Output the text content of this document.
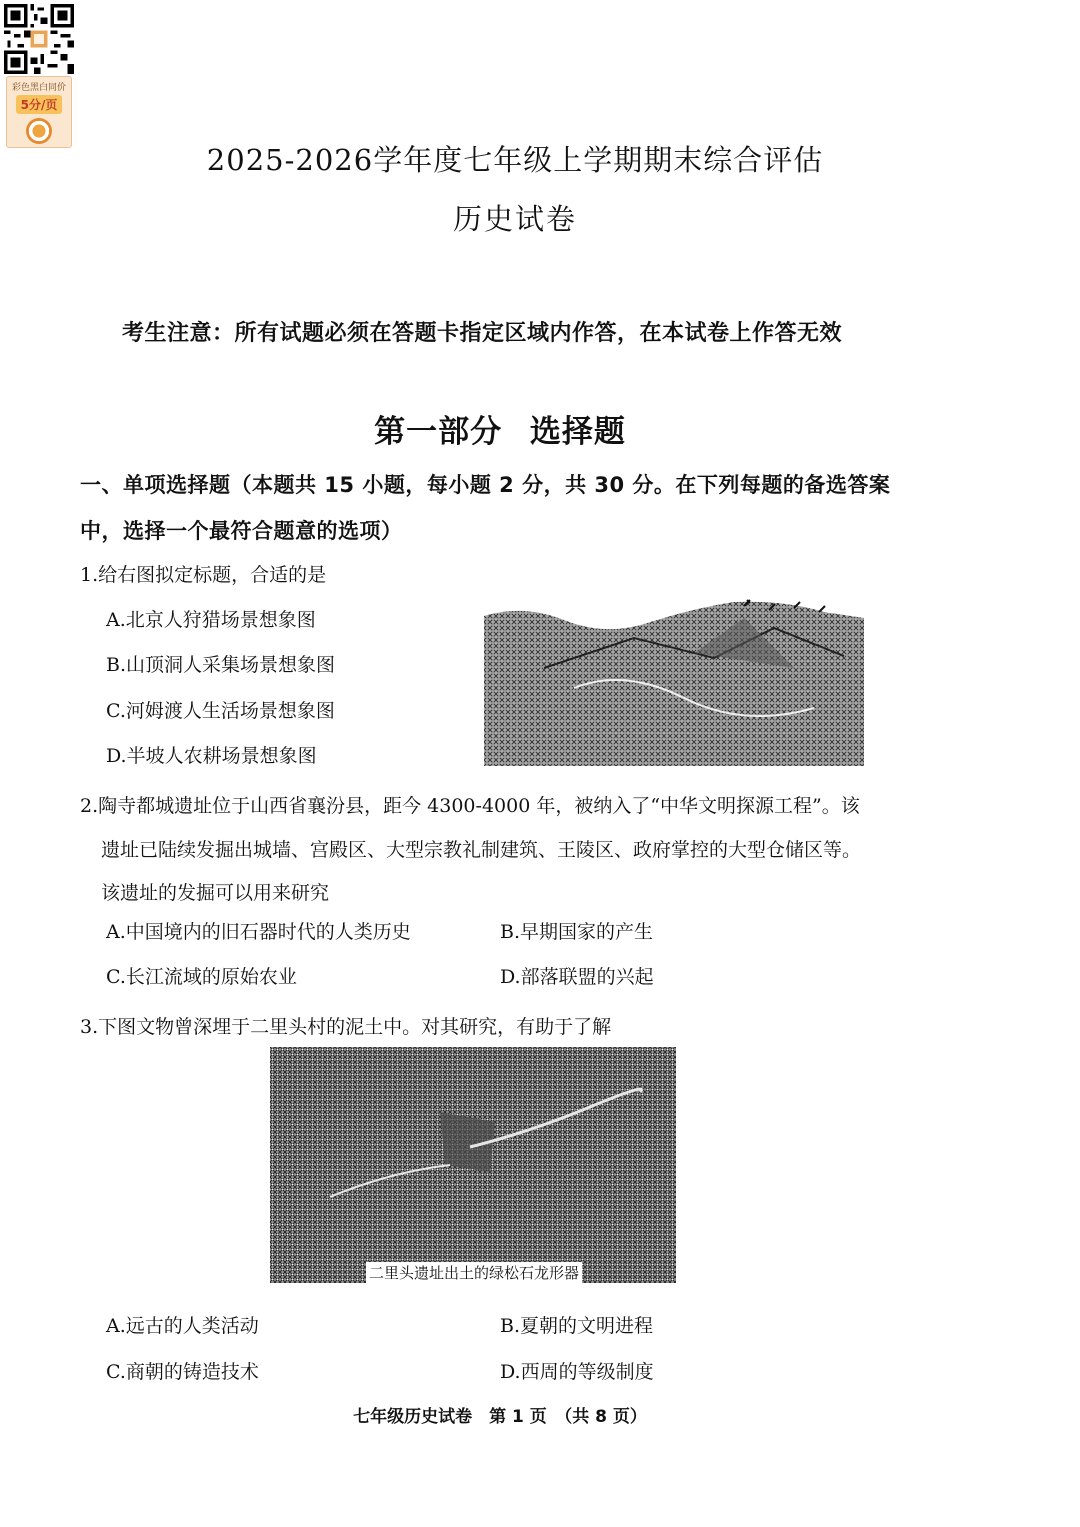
彩色黑白同价
5分/页
2025-2026学年度七年级上学期期末综合评估
历史试卷
考生注意：所有试题必须在答题卡指定区域内作答，在本试卷上作答无效
第一部分 选择题
一、单项选择题（本题共 15 小题，每小题 2 分，共 30 分。在下列每题的备选答案
中，选择一个最符合题意的选项）
1.给右图拟定标题，合适的是
A.北京人狩猎场景想象图
B.山顶洞人采集场景想象图
C.河姆渡人生活场景想象图
D.半坡人农耕场景想象图
2.陶寺都城遗址位于山西省襄汾县，距今 4300-4000 年，被纳入了“中华文明探源工程”。该
遗址已陆续发掘出城墙、宫殿区、大型宗教礼制建筑、王陵区、政府掌控的大型仓储区等。
该遗址的发掘可以用来研究
A.中国境内的旧石器时代的人类历史	B.早期国家的产生
C.长江流域的原始农业	D.部落联盟的兴起
3.下图文物曾深埋于二里头村的泥土中。对其研究，有助于了解
二里头遗址出土的绿松石龙形器
A.远古的人类活动	B.夏朝的文明进程
C.商朝的铸造技术	D.西周的等级制度
七年级历史试卷　第 1 页　（共 8 页）
